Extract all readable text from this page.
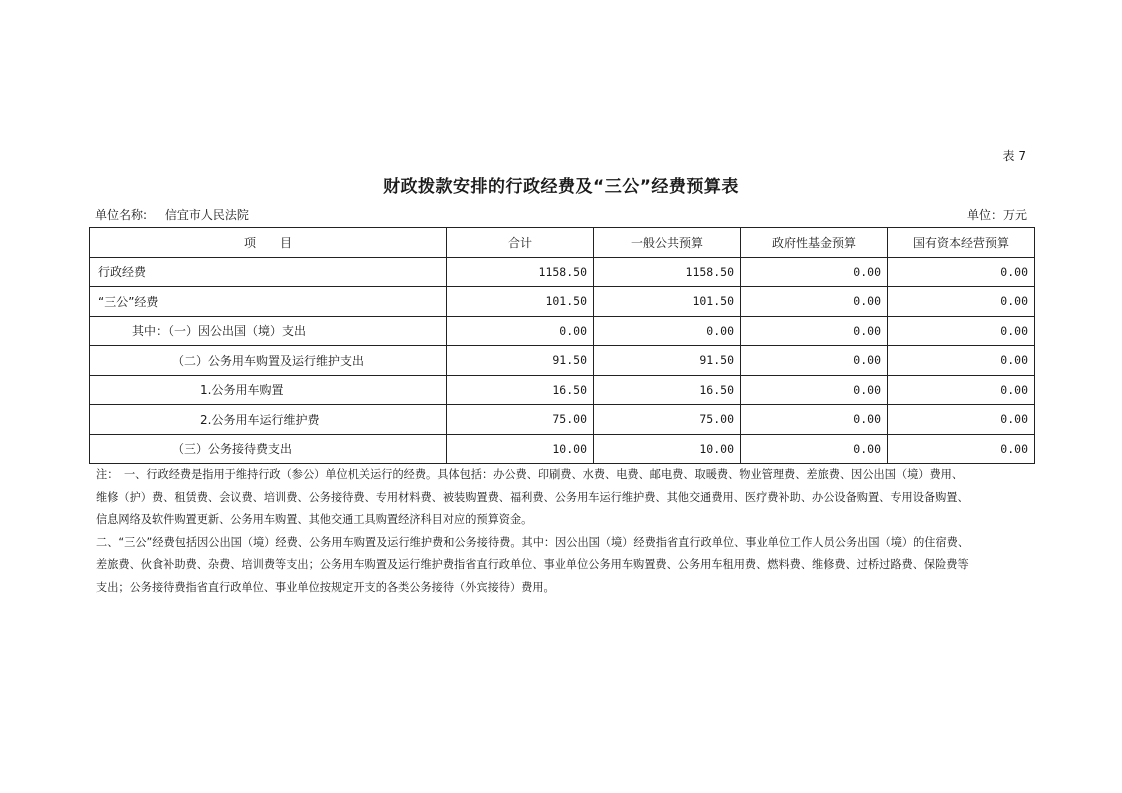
表 7
财政拨款安排的行政经费及“三公”经费预算表
单位名称: 信宜市人民法院	单位：万元
项　　目	合计	一般公共预算	政府性基金预算	国有资本经营预算
行政经费	1158.50	1158.50	0.00	0.00
“三公”经费	101.50	101.50	0.00	0.00
其中：（一）因公出国（境）支出	0.00	0.00	0.00	0.00
（二）公务用车购置及运行维护支出	91.50	91.50	0.00	0.00
1.公务用车购置	16.50	16.50	0.00	0.00
2.公务用车运行维护费	75.00	75.00	0.00	0.00
（三）公务接待费支出	10.00	10.00	0.00	0.00

注：　一、行政经费是指用于维持行政（参公）单位机关运行的经费。具体包括：办公费、印刷费、水费、电费、邮电费、取暖费、物业管理费、差旅费、因公出国（境）费用、

维修（护）费、租赁费、会议费、培训费、公务接待费、专用材料费、被装购置费、福利费、公务用车运行维护费、其他交通费用、医疗费补助、办公设备购置、专用设备购置、

信息网络及软件购置更新、公务用车购置、其他交通工具购置经济科目对应的预算资金。

二、“三公”经费包括因公出国（境）经费、公务用车购置及运行维护费和公务接待费。其中：因公出国（境）经费指省直行政单位、事业单位工作人员公务出国（境）的住宿费、

差旅费、伙食补助费、杂费、培训费等支出；公务用车购置及运行维护费指省直行政单位、事业单位公务用车购置费、公务用车租用费、燃料费、维修费、过桥过路费、保险费等

支出；公务接待费指省直行政单位、事业单位按规定开支的各类公务接待（外宾接待）费用。
